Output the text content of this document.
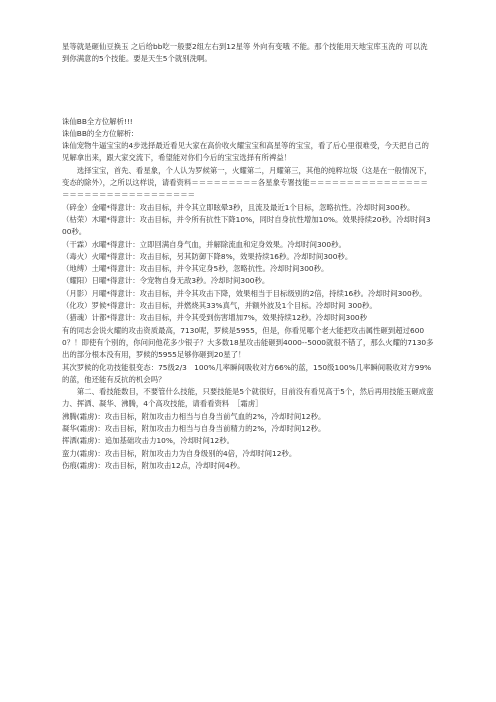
星等就是砸仙豆换玉 之后给bb吃一般要2组左右到12星等 外向有变哦 不能。那个技能用天地宝库玉洗的 可以洗到你满意的5个技能。要是天生5个就别洗啊。

诛仙BB全方位解析!!!

诛仙BB的全方位解析:

诛仙宠物牛逼宝宝的4步选择最近看见大家在高价收火耀宝宝和高星等的宝宝，看了后心里很难受，今天把自己的见解拿出来，跟大家交流下，希望能对你们今后的宝宝选择有所裨益！

选择宝宝，首先、看星象，个人认为罗候第一，火耀第二，月耀第三，其他的纯粹垃圾（这是在一般情况下，变态的除外），之所以这样说，请看资料＝＝＝＝＝＝＝＝＝各星象专署技能＝＝＝＝＝＝＝＝＝＝＝＝＝＝＝＝＝＝＝＝＝＝＝＝＝＝＝＝＝＝＝＝＝＝

（碎金）金曜*得意计：攻击目标，并令其立即眩晕3秒，且流及最近1个目标，忽略抗性。冷却时间300秒。

（枯荣）木曜*得意计：攻击目标，并令所有抗性下降10%，同时自身抗性增加10%。效果持续20秒。冷却时间300秒。

（干霖）水曜*得意计：立即回满自身气血，并解除流血和定身效果。冷却时间300秒。

（毒火）火曜*得意计：攻击目标，另其防御下降8%，效果持续16秒。冷却时间300秒。

（地缚）土曜*得意计：攻击目标，并令其定身5秒，忽略抗性。冷却时间300秒。

（耀阳）日曜*得意计：令宠物自身无敌3秒。冷却时间300秒。

（月影）月曜*得意计：攻击目标，并令其攻击下降，效果相当于目标级别的2倍，持续16秒。冷却时间300秒。

（化攻）罗候*得意计：攻击目标，并燃烧其33%真气，并额外波及1个目标。冷却时间 300秒。

（猎魂）计都*得意计：攻击目标，并令其受到伤害增加7%，效果持续12秒。冷却时间300秒

有的同志会说火耀的攻击资质最高，7130呢，罗候是5955，但是，你看见哪个老大能把攻击属性砸到超过6000？！即使有个别的，你问问他花多少银子？大多数18星攻击能砸到4000--5000就很不错了，那么火耀的7130多出的部分根本没有用，罗候的5955足够你砸到20星了！

其次罗候的化功技能很变态：75级2/3　100%几率瞬间吸收对方66%的蓝，150级100%几率瞬间吸收对方99%的蓝，他还能有反抗的机会吗？

第二、看技能数目，不要管什么技能，只要技能是5个就很好，目前没有看见高于5个，然后再用技能玉砸成蛮力、挥洒、凝华、沸腾，4个高攻技能，请看看资料　［霜虏］

沸腾(霜虏)：攻击目标，附加攻击力相当与自身当前气血的2%，冷却时间12秒。

凝华(霜虏)：攻击目标，附加攻击力相当与自身当前精力的2%，冷却时间12秒。

挥洒(霜虏)：追加基础攻击力10%，冷却时间12秒。

蛮力(霜虏)：攻击目标，附加攻击力为自身级别的4倍，冷却时间12秒。

伤痕(霜虏)：攻击目标，附加攻击12点，冷却时间4秒。
